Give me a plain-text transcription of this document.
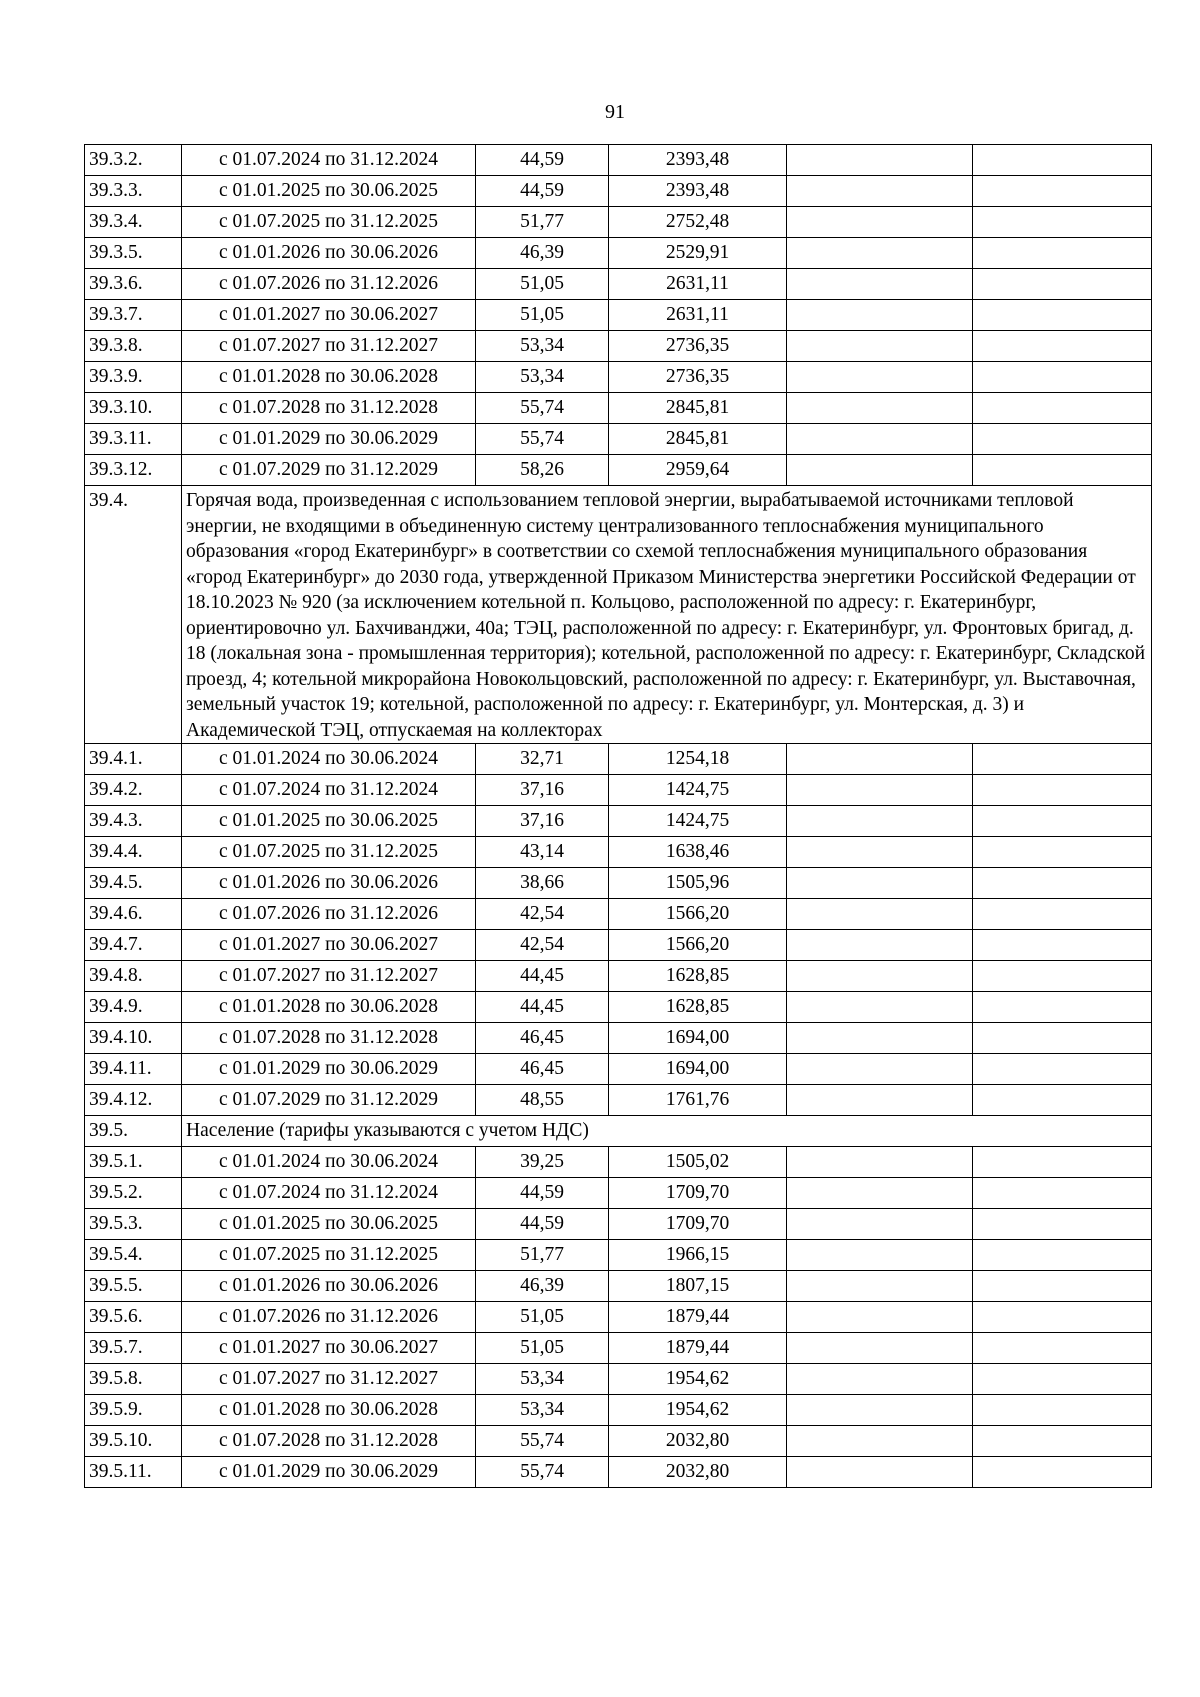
91
39.3.2.	с 01.07.2024 по 31.12.2024	44,59	2393,48		
39.3.3.	с 01.01.2025 по 30.06.2025	44,59	2393,48		
39.3.4.	с 01.07.2025 по 31.12.2025	51,77	2752,48		
39.3.5.	с 01.01.2026 по 30.06.2026	46,39	2529,91		
39.3.6.	с 01.07.2026 по 31.12.2026	51,05	2631,11		
39.3.7.	с 01.01.2027 по 30.06.2027	51,05	2631,11		
39.3.8.	с 01.07.2027 по 31.12.2027	53,34	2736,35		
39.3.9.	с 01.01.2028 по 30.06.2028	53,34	2736,35		
39.3.10.	с 01.07.2028 по 31.12.2028	55,74	2845,81		
39.3.11.	с 01.01.2029 по 30.06.2029	55,74	2845,81		
39.3.12.	с 01.07.2029 по 31.12.2029	58,26	2959,64		
39.4.	Горячая вода, произведенная с использованием тепловой энергии, вырабатываемой источниками тепловой энергии, не входящими в объединенную систему централизованного теплоснабжения муниципального образования «город Екатеринбург» в соответствии со схемой теплоснабжения муниципального образования «город Екатеринбург» до 2030 года, утвержденной Приказом Министерства энергетики Российской Федерации от 18.10.2023 № 920 (за исключением котельной п. Кольцово, расположенной по адресу: г. Екатеринбург, ориентировочно ул. Бахчиванджи, 40а; ТЭЦ, расположенной по адресу: г. Екатеринбург, ул. Фронтовых бригад, д. 18 (локальная зона - промышленная территория); котельной, расположенной по адресу: г. Екатеринбург, Складской проезд, 4; котельной микрорайона Новокольцовский, расположенной по адресу: г. Екатеринбург, ул. Выставочная, земельный участок 19; котельной, расположенной по адресу: г. Екатеринбург, ул. Монтерская, д. 3) и Академической ТЭЦ, отпускаемая на коллекторах				
39.4.1.	с 01.01.2024 по 30.06.2024	32,71	1254,18		
39.4.2.	с 01.07.2024 по 31.12.2024	37,16	1424,75		
39.4.3.	с 01.01.2025 по 30.06.2025	37,16	1424,75		
39.4.4.	с 01.07.2025 по 31.12.2025	43,14	1638,46		
39.4.5.	с 01.01.2026 по 30.06.2026	38,66	1505,96		
39.4.6.	с 01.07.2026 по 31.12.2026	42,54	1566,20		
39.4.7.	с 01.01.2027 по 30.06.2027	42,54	1566,20		
39.4.8.	с 01.07.2027 по 31.12.2027	44,45	1628,85		
39.4.9.	с 01.01.2028 по 30.06.2028	44,45	1628,85		
39.4.10.	с 01.07.2028 по 31.12.2028	46,45	1694,00		
39.4.11.	с 01.01.2029 по 30.06.2029	46,45	1694,00		
39.4.12.	с 01.07.2029 по 31.12.2029	48,55	1761,76		
39.5.	Население (тарифы указываются с учетом НДС)				
39.5.1.	с 01.01.2024 по 30.06.2024	39,25	1505,02		
39.5.2.	с 01.07.2024 по 31.12.2024	44,59	1709,70		
39.5.3.	с 01.01.2025 по 30.06.2025	44,59	1709,70		
39.5.4.	с 01.07.2025 по 31.12.2025	51,77	1966,15		
39.5.5.	с 01.01.2026 по 30.06.2026	46,39	1807,15		
39.5.6.	с 01.07.2026 по 31.12.2026	51,05	1879,44		
39.5.7.	с 01.01.2027 по 30.06.2027	51,05	1879,44		
39.5.8.	с 01.07.2027 по 31.12.2027	53,34	1954,62		
39.5.9.	с 01.01.2028 по 30.06.2028	53,34	1954,62		
39.5.10.	с 01.07.2028 по 31.12.2028	55,74	2032,80		
39.5.11.	с 01.01.2029 по 30.06.2029	55,74	2032,80		
